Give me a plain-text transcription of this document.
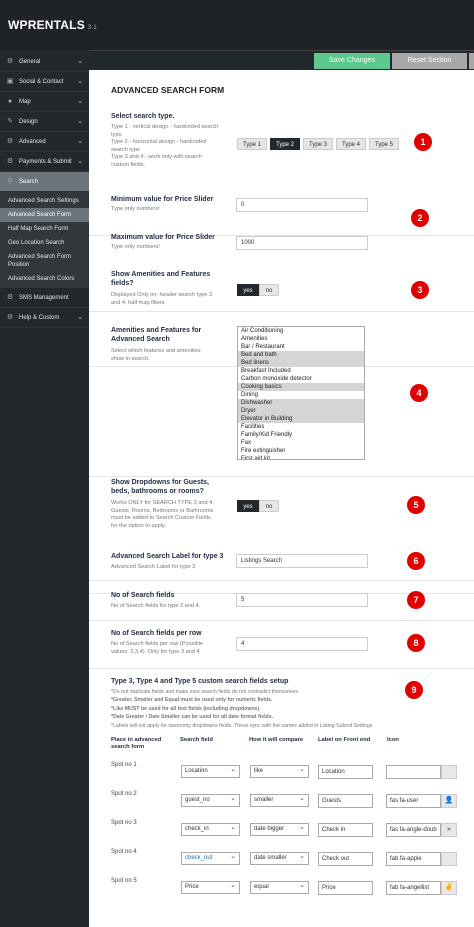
WPRENTALS 3.1
⚙ General	⌄
▣ Social & Contact ⌄
●	Map	⌄
✎	Design	⌄
⚙ Advanced	⌄
⚙ Payments & Submit ⌄
⚲	Search
Advanced Search Settings
Advanced Search Form
Half Map Search Form
Geo Location Search
Advanced Search Form Position
Advanced Search Colors
⚙ SMS Management
⚙ Help & Custom	⌄
Save Changes	Reset Section
ADVANCED SEARCH FORM
Select search type.
Type 1 - vertical design - hardcoded search type
Type 2 - horizontal design - hardcoded search type
Type 3 and 4 - work only with search custom fields.
Type 1	Type 2	Type 3	Type 4	Type 5	1
Minimum value for Price Slider
Type only numbers!
0
Maximum value for Price Slider
Type only numbers!
1000
2
Show Amenities and Features
fields?
Displayed Only on: header search type 3
and 4, half map filters.
yes	no	3
Amenities and Features for
Advanced Search
Select which features and amenities
show in search.
Air Conditioning
Amenities
Bar / Restaurant
Bed and bath
Bed linens
Breakfast Included
Carbon monoxide detector
Cooking basics
Dining
Dishwasher
Dryer
Elevator in Building
Facilities
Family/Kid Friendly
Fax
Fire extinguisher
First aid kit
4
Show Dropdowns for Guests,
beds, bathrooms or rooms?
Works ONLY for SEARCH TYPE 3 and 4.
Guests, Rooms, Bedrooms or Bathrooms
must be added to Search Custom Fields
for the option to apply.
yes	no	5
Advanced Search Label for type 3
Advanced Search Label for type 3
Listings Search	6
No of Search fields
No of Search fields for type 3 and 4.
5	7
No of Search fields per row
No of Search fields per row (Possible
values: 2,3,4). Only for type 3 and 4
4	8
Type 3, Type 4 and Type 5 custom search fields setup
*Do not duplicate fields and make sure search fields do not contradict themselves.
*Greater, Smaller and Equal must be used only for numeric fields.
*Like MUST be used for all text fields (including dropdowns)
*Date Greater / Date Smaller can be used for all date format fields.
*Labels will not apply for taxonomy dropdowns fields. These sync with the names added in Listing Submit Settings
9
Place in advanced
search form
Search field	How it will compare	Label on Front end	Icon
Spot no 1
Location ⌄	like ⌄	Location
Spot no 2
guest_no ⌄	smaller ⌄	Guests	fas fa-user	👤
Spot no 3
check_in ⌄	date bigger ⌄	Check in	fas fa-angle-doub	»
Spot no 4
check_out ⌄	date smaller ⌄	Check out	fab fa-apple
Spot no 5
Price ⌄	equal ⌄	Price	fab fa-angellist	✌
